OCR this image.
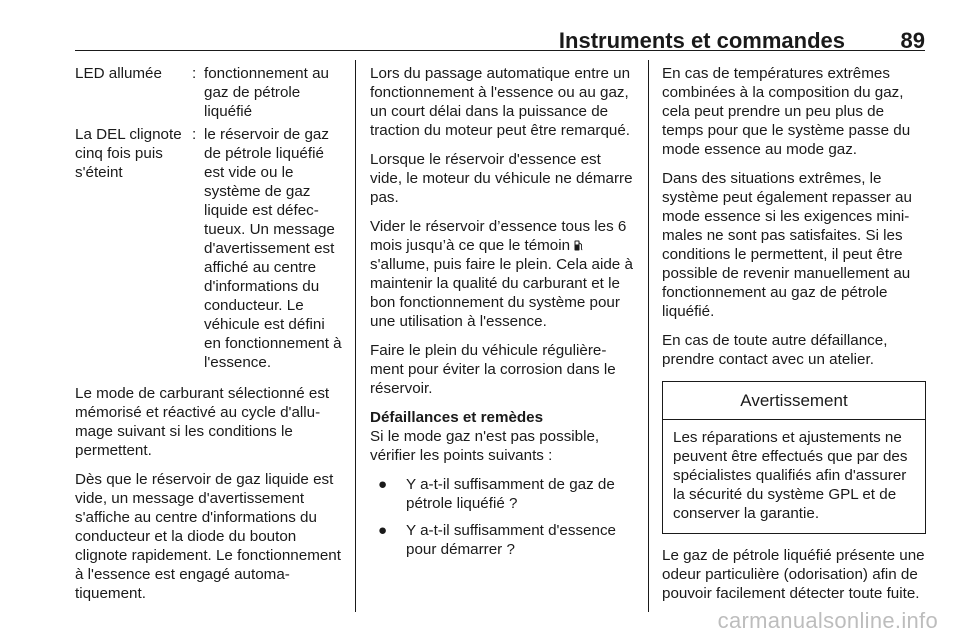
Instruments et commandes	89
LED allumée	: fonctionnement au gaz de pétrole liquéfié
La DEL clignote cinq fois puis s'éteint
: le réservoir de gaz de pétrole liquéfié est vide ou le système de gaz liquide est défectueux. Un message d'avertissement est affiché au centre d'informations du conducteur. Le véhicule est défini en fonctionnement à l'essence.

Le mode de carburant sélectionné est mémorisé et réactivé au cycle d'allumage suivant si les conditions le permettent.

Dès que le réservoir de gaz liquide est vide, un message d'avertissement s'affiche au centre d'informations du conducteur et la diode du bouton clignote rapidement. Le fonctionnement à l'essence est engagé automatiquement.

Lors du passage automatique entre un fonctionnement à l'essence ou au gaz, un court délai dans la puissance de traction du moteur peut être remarqué.

Lorsque le réservoir d'essence est vide, le moteur du véhicule ne démarre pas.

Vider le réservoir d’essence tous les 6 mois jusqu’à ce que le témoin  s'allume, puis faire le plein. Cela aide à maintenir la qualité du carburant et le bon fonctionnement du système pour une utilisation à l'essence.

Faire le plein du véhicule régulièrement pour éviter la corrosion dans le réservoir.

Défaillances et remèdes

Si le mode gaz n'est pas possible, vérifier les points suivants :

●	Y a-t-il suffisamment de gaz de pétrole liquéfié ?
●	Y a-t-il suffisamment d'essence pour démarrer ?

En cas de températures extrêmes combinées à la composition du gaz, cela peut prendre un peu plus de temps pour que le système passe du mode essence au mode gaz.

Dans des situations extrêmes, le système peut également repasser au mode essence si les exigences minimales ne sont pas satisfaites. Si les conditions le permettent, il peut être possible de revenir manuellement au fonctionnement au gaz de pétrole liquéfié.

En cas de toute autre défaillance, prendre contact avec un atelier.

Avertissement
Les réparations et ajustements ne peuvent être effectués que par des spécialistes qualifiés afin d'assurer la sécurité du système GPL et de conserver la garantie.

Le gaz de pétrole liquéfié présente une odeur particulière (odorisation) afin de pouvoir facilement détecter toute fuite.

carmanualsonline.info
